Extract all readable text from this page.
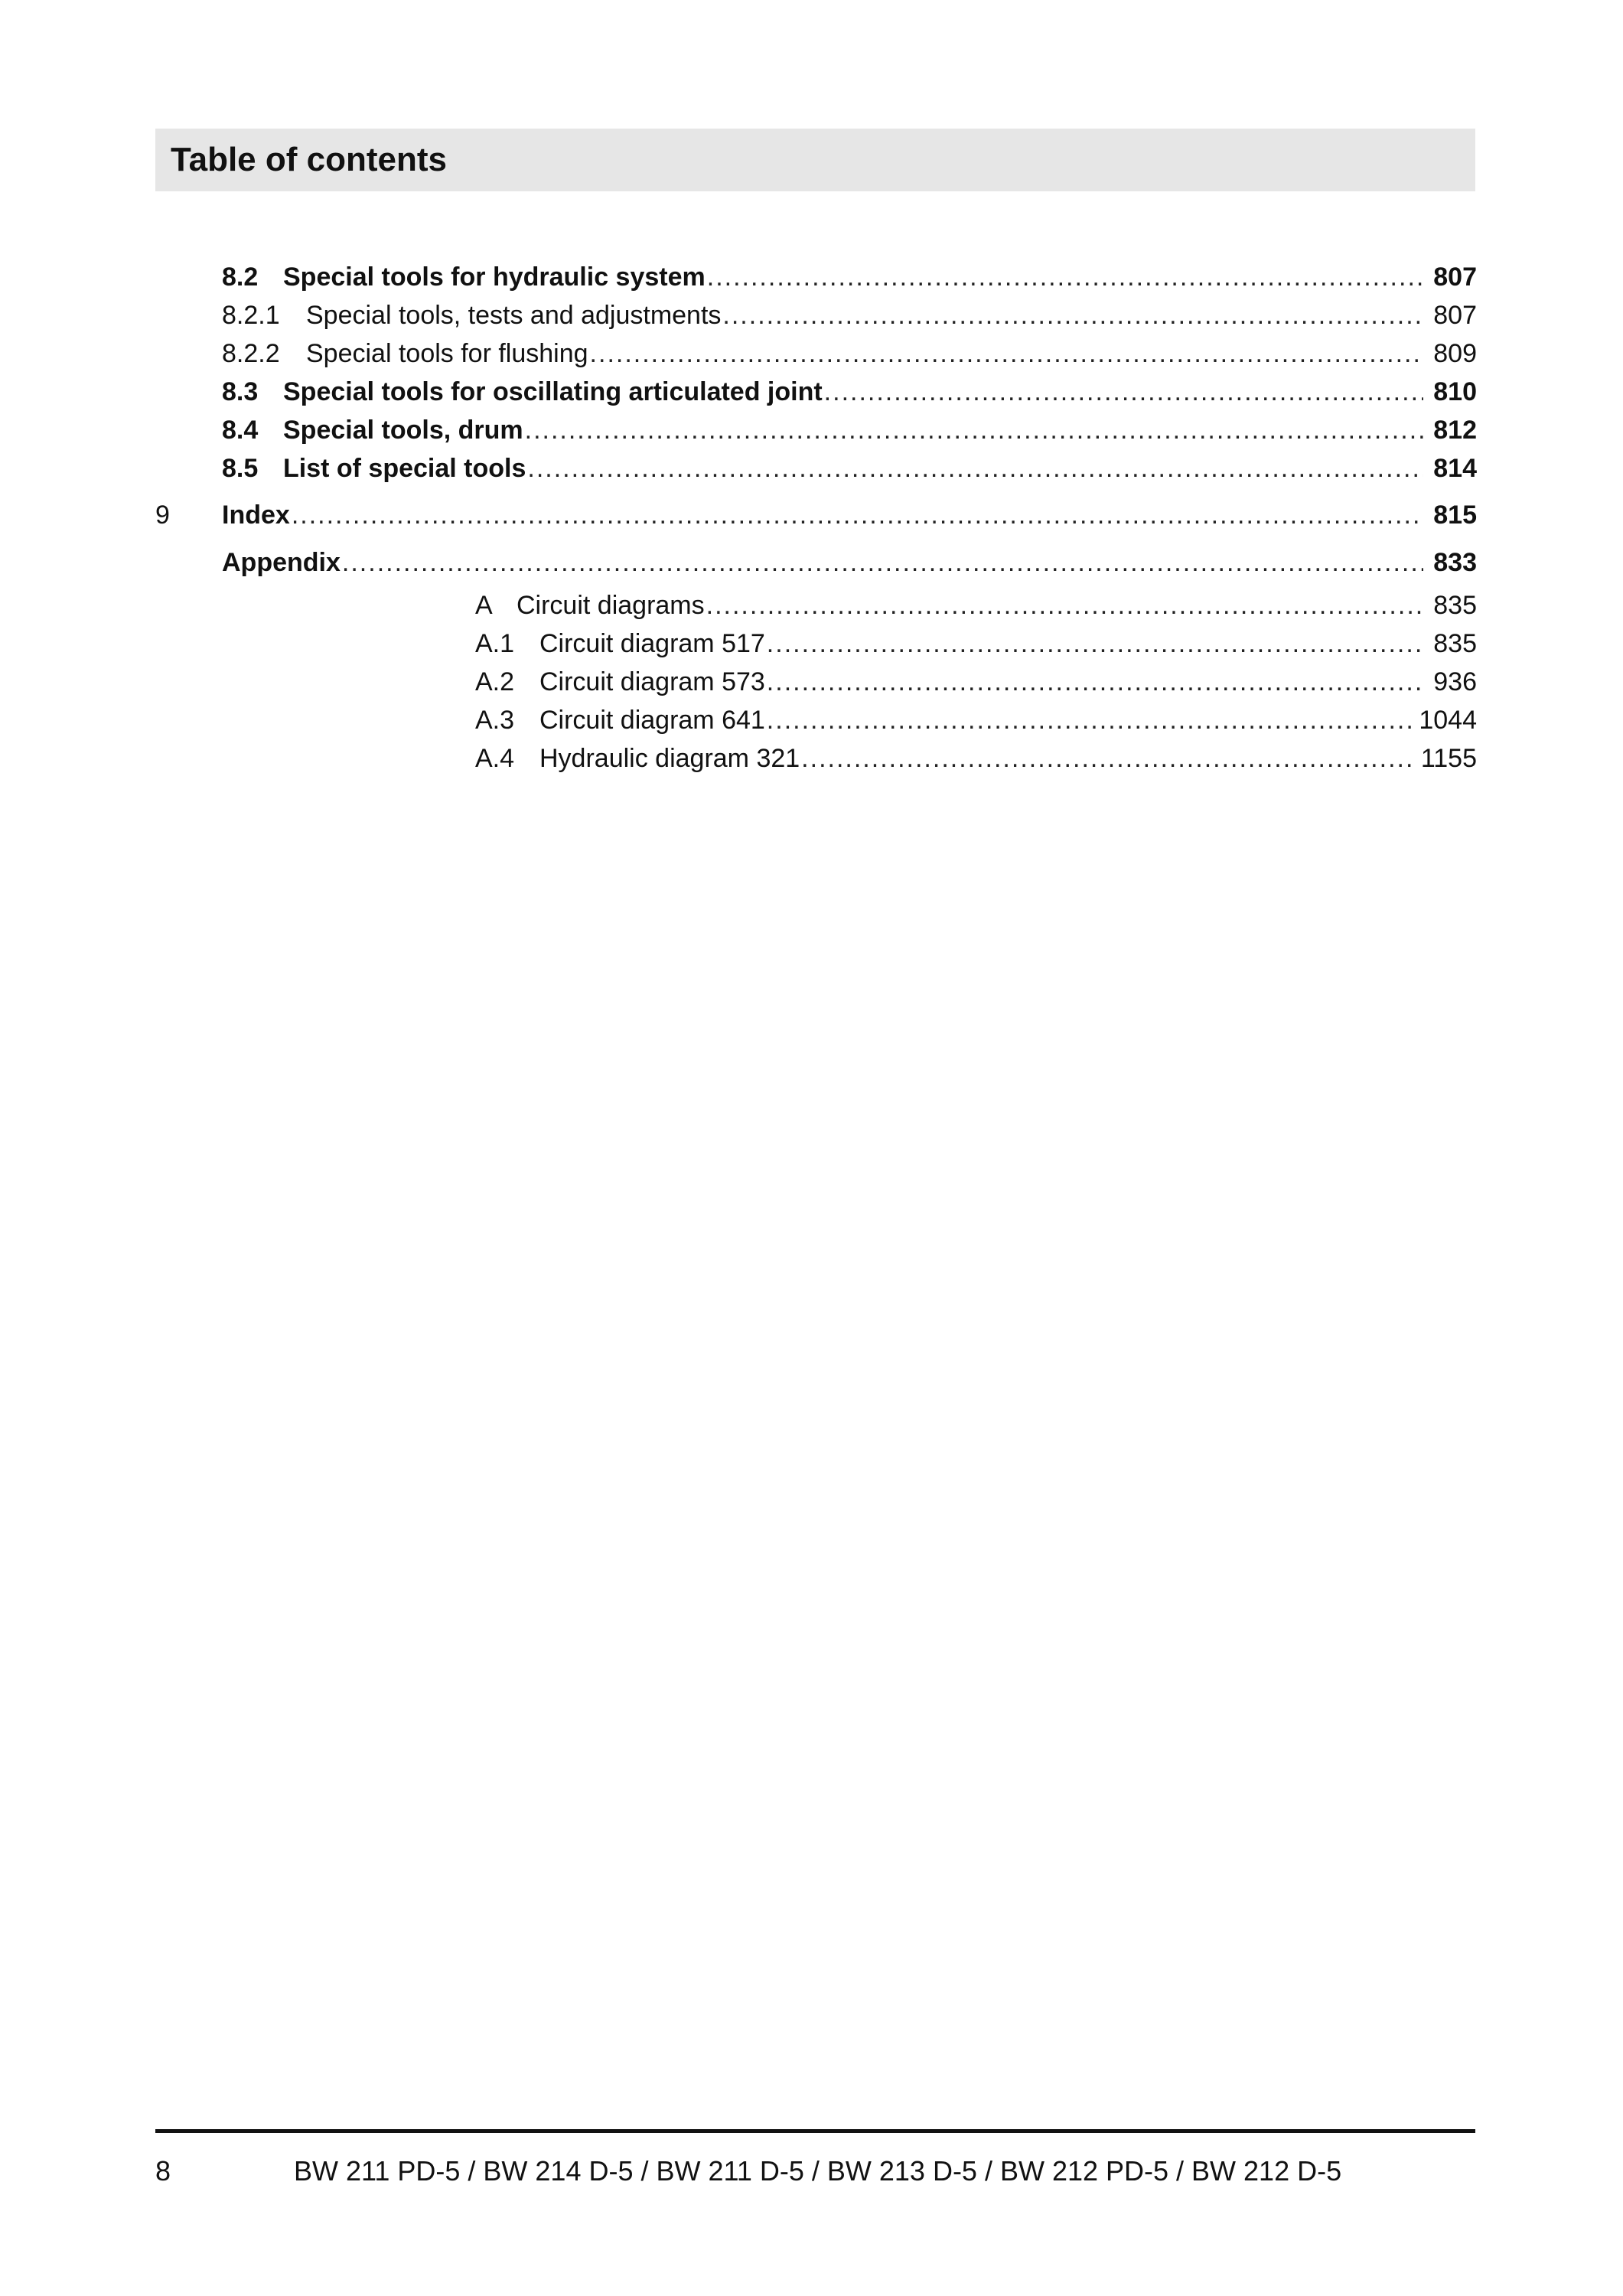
Table of contents
8.2 Special tools for hydraulic system .....	807
8.2.1	Special tools, tests and adjustments .....	807
8.2.2	Special tools for flushing .....	809
8.3 Special tools for oscillating articulated joint .....	810
8.4 Special tools, drum .....	812
8.5 List of special tools .....	814
9	Index .....	815
Appendix .....	833
A Circuit diagrams .....	835
A.1 Circuit diagram 517 .....	835
A.2 Circuit diagram 573 .....	936
A.3 Circuit diagram 641 .....	1044
A.4 Hydraulic diagram 321 .....	1155
8	BW 211 PD-5 / BW 214 D-5 / BW 211 D-5 / BW 213 D-5 / BW 212 PD-5 / BW 212 D-5
